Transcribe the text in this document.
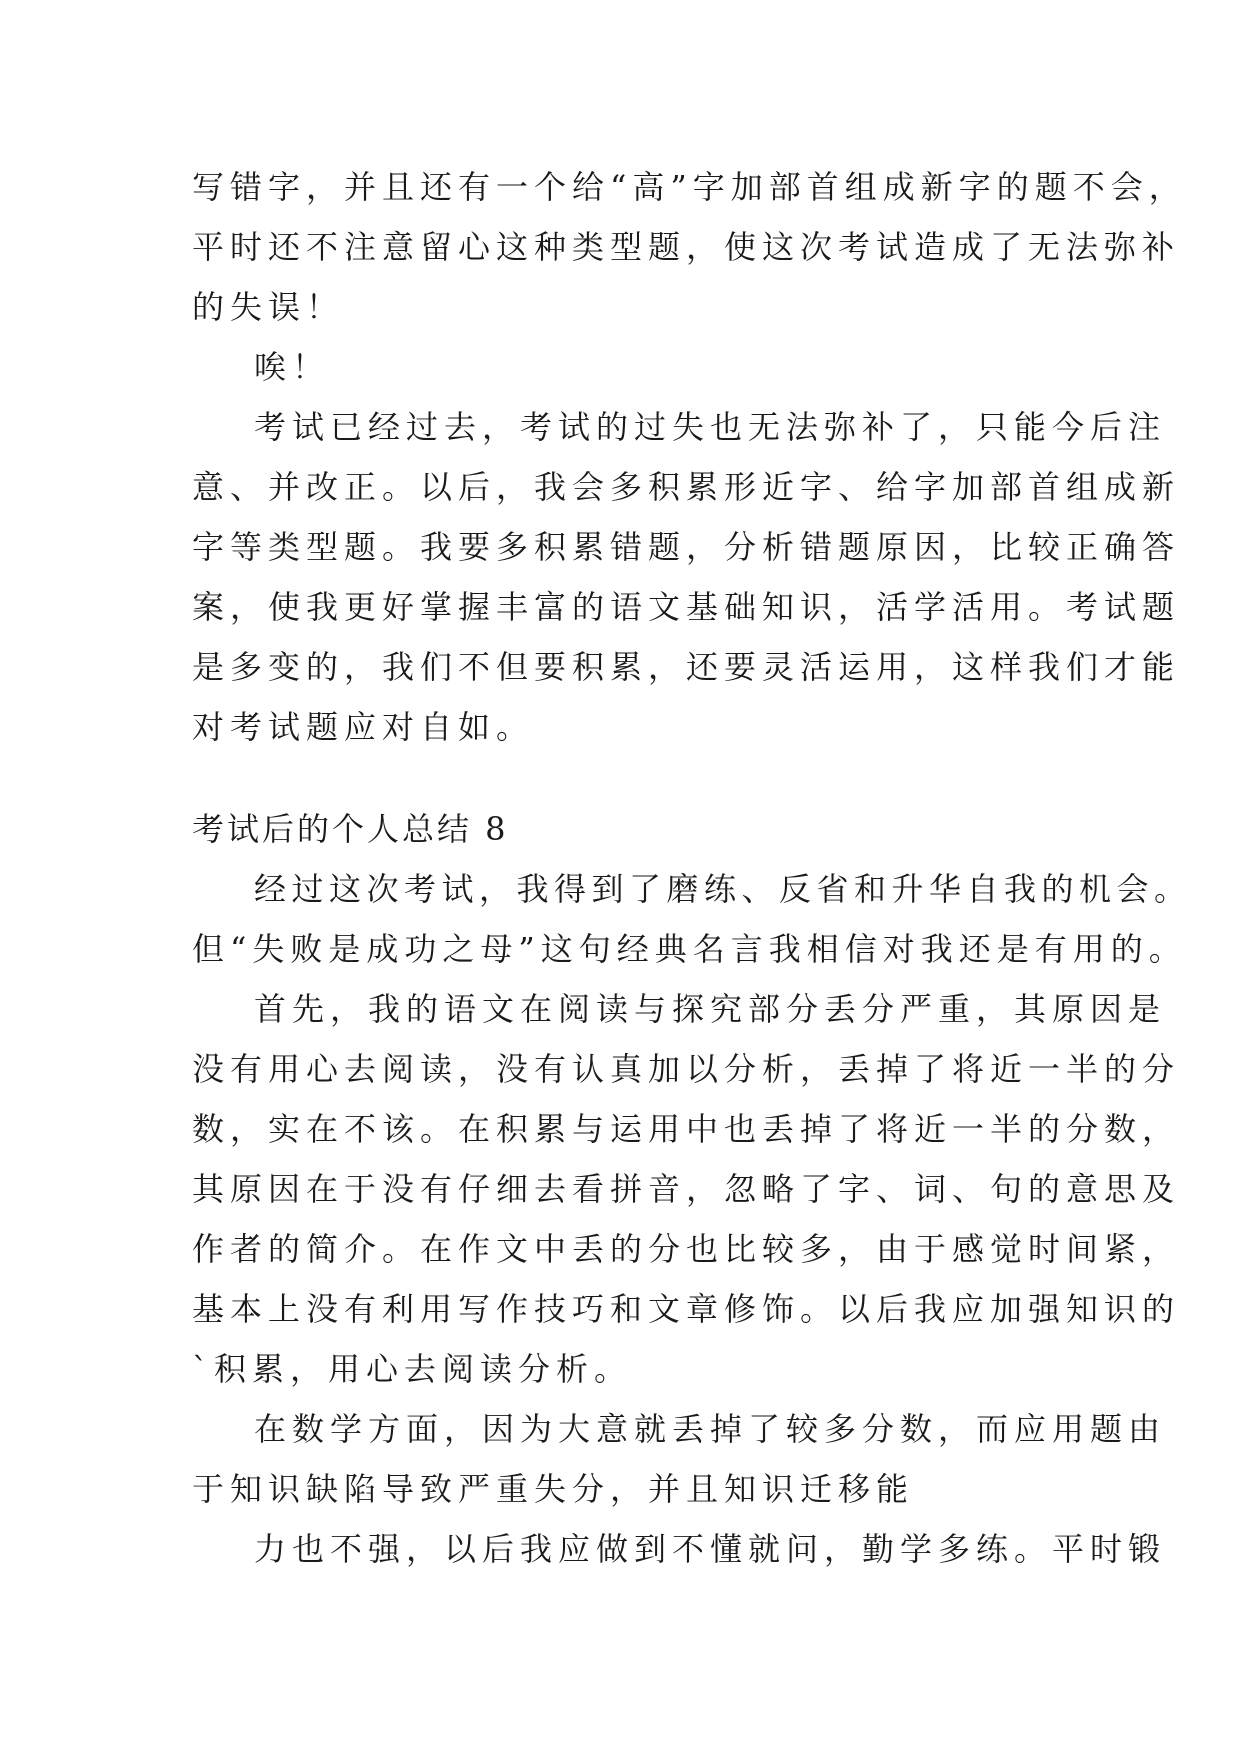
写错字，并且还有一个给“高”字加部首组成新字的题不会，
平时还不注意留心这种类型题，使这次考试造成了无法弥补
的失误！
唉！
考试已经过去，考试的过失也无法弥补了，只能今后注
意、并改正。以后，我会多积累形近字、给字加部首组成新
字等类型题。我要多积累错题，分析错题原因，比较正确答
案，使我更好掌握丰富的语文基础知识，活学活用。考试题
是多变的，我们不但要积累，还要灵活运用，这样我们才能
对考试题应对自如。
考试后的个人总结 8
经过这次考试，我得到了磨练、反省和升华自我的机会。
但“失败是成功之母”这句经典名言我相信对我还是有用的。
首先，我的语文在阅读与探究部分丢分严重，其原因是
没有用心去阅读，没有认真加以分析，丢掉了将近一半的分
数，实在不该。在积累与运用中也丢掉了将近一半的分数，
其原因在于没有仔细去看拼音，忽略了字、词、句的意思及
作者的简介。在作文中丢的分也比较多，由于感觉时间紧，
基本上没有利用写作技巧和文章修饰。以后我应加强知识的
`积累，用心去阅读分析。
在数学方面，因为大意就丢掉了较多分数，而应用题由
于知识缺陷导致严重失分，并且知识迁移能
力也不强，以后我应做到不懂就问，勤学多练。平时锻
